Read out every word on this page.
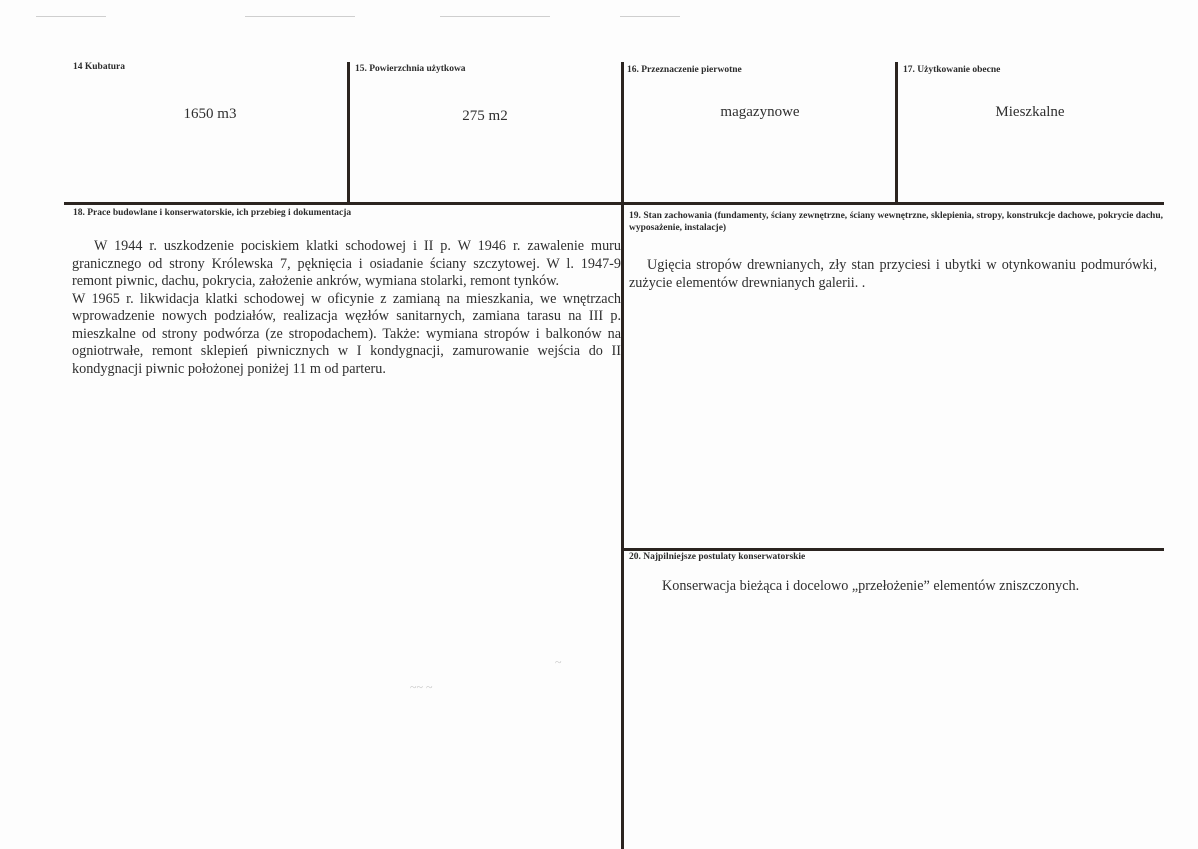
14 Kubatura
1650 m3
15. Powierzchnia użytkowa
275 m2
16. Przeznaczenie pierwotne
magazynowe
17. Użytkowanie obecne
Mieszkalne
18. Prace budowlane i konserwatorskie, ich przebieg i dokumentacja

W 1944 r. uszkodzenie pociskiem klatki schodowej i II p. W 1946 r. zawalenie muru granicznego od strony Królewska 7, pęknięcia i osiadanie ściany szczytowej. W l. 1947-9 remont piwnic, dachu, pokrycia, założenie ankrów, wymiana stolarki, remont tynków.

W 1965 r. likwidacja klatki schodowej w oficynie z zamianą na mieszkania, we wnętrzach wprowadzenie nowych podziałów, realizacja węzłów sanitarnych, zamiana tarasu na III p. mieszkalne od strony podwórza (ze stropodachem). Także: wymiana stropów i balkonów na ogniotrwałe, remont sklepień piwnicznych w I kondygnacji, zamurowanie wejścia do II kondygnacji piwnic położonej poniżej 11 m od parteru.

19. Stan zachowania (fundamenty, ściany zewnętrzne, ściany wewnętrzne, sklepienia, stropy, konstrukcje dachowe, pokrycie dachu, wyposażenie, instalacje)
Ugięcia stropów drewnianych, zły stan przyciesi i ubytki w otynkowaniu podmurówki, zużycie elementów drewnianych galerii. .
20. Najpilniejsze postulaty konserwatorskie
Konserwacja bieżąca i docelowo „przełożenie” elementów zniszczonych.
~
~~ ~
